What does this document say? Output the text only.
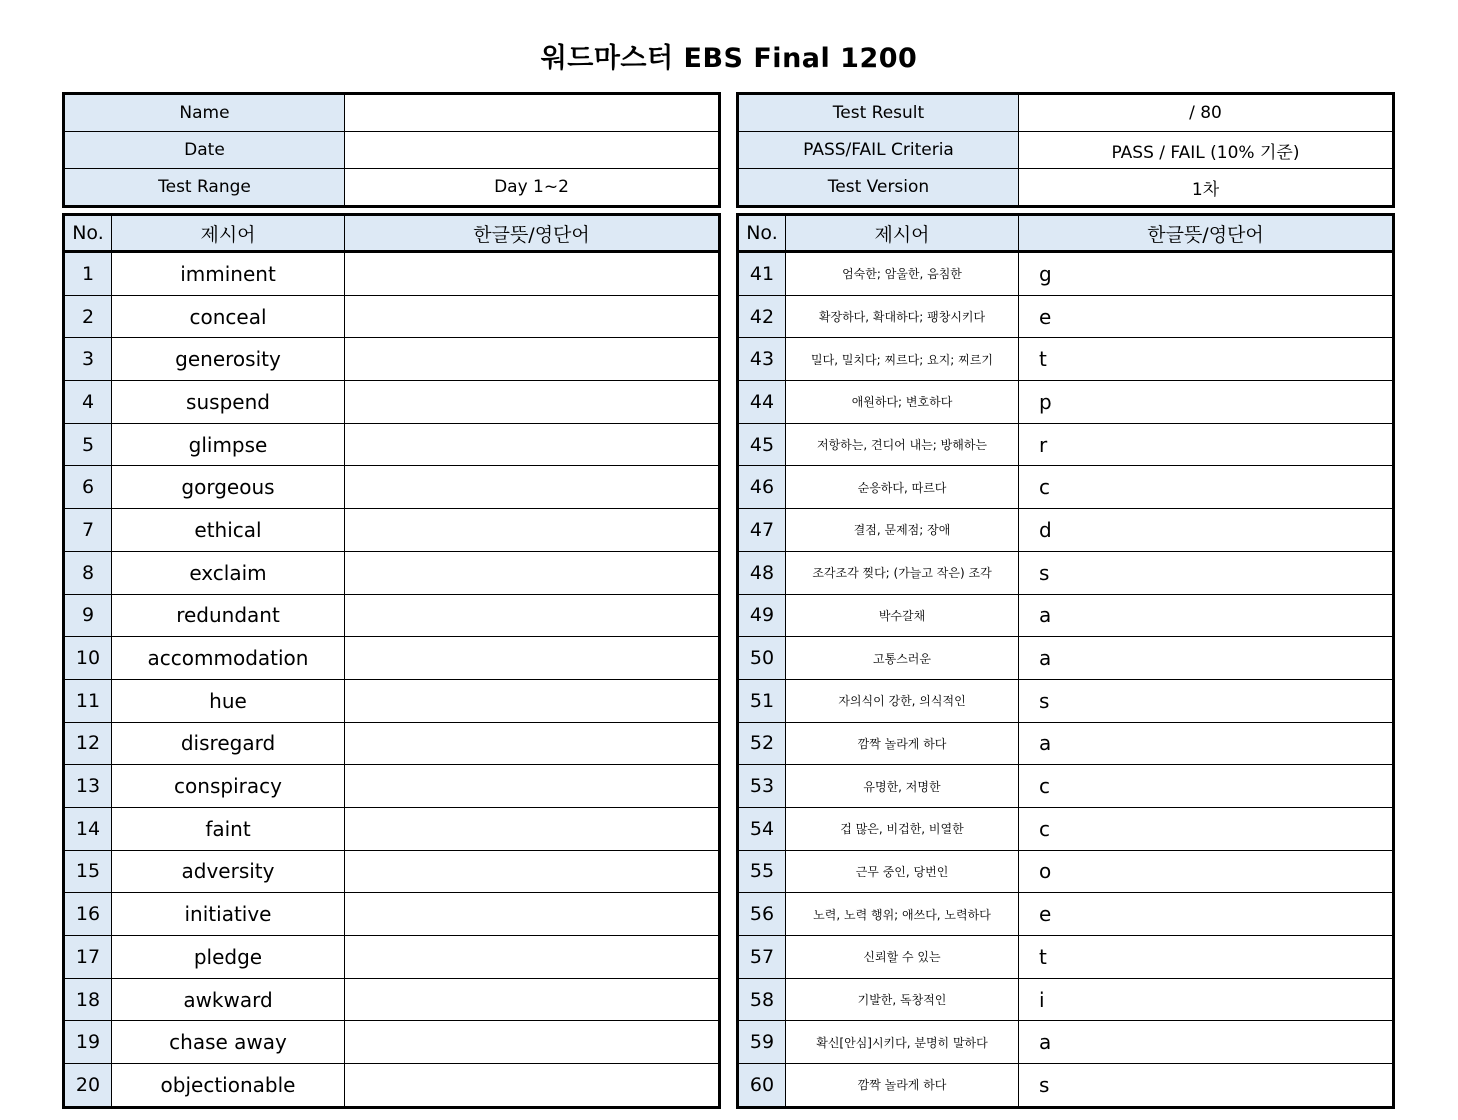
워드마스터 EBS Final 1200
Name	
Date	
Test Range	Day 1~2
Test Result	/ 80
PASS/FAIL Criteria	PASS / FAIL (10% 기준)
Test Version	1차
No.	제시어	한글뜻/영단어
1	imminent	
2	conceal	
3	generosity	
4	suspend	
5	glimpse	
6	gorgeous	
7	ethical	
8	exclaim	
9	redundant	
10	accommodation	
11	hue	
12	disregard	
13	conspiracy	
14	faint	
15	adversity	
16	initiative	
17	pledge	
18	awkward	
19	chase away	
20	objectionable	
No.	제시어	한글뜻/영단어
41	엄숙한; 암울한, 음침한	g
42	확장하다, 확대하다; 팽창시키다	e
43	밀다, 밀치다; 찌르다; 요지; 찌르기	t
44	애원하다; 변호하다	p
45	저항하는, 견디어 내는; 방해하는	r
46	순응하다, 따르다	c
47	결점, 문제점; 장애	d
48	조각조각 찢다; (가늘고 작은) 조각	s
49	박수갈채	a
50	고통스러운	a
51	자의식이 강한, 의식적인	s
52	깜짝 놀라게 하다	a
53	유명한, 저명한	c
54	겁 많은, 비겁한, 비열한	c
55	근무 중인, 당번인	o
56	노력, 노력 행위; 애쓰다, 노력하다	e
57	신뢰할 수 있는	t
58	기발한, 독창적인	i
59	확신[안심]시키다, 분명히 말하다	a
60	깜짝 놀라게 하다	s
